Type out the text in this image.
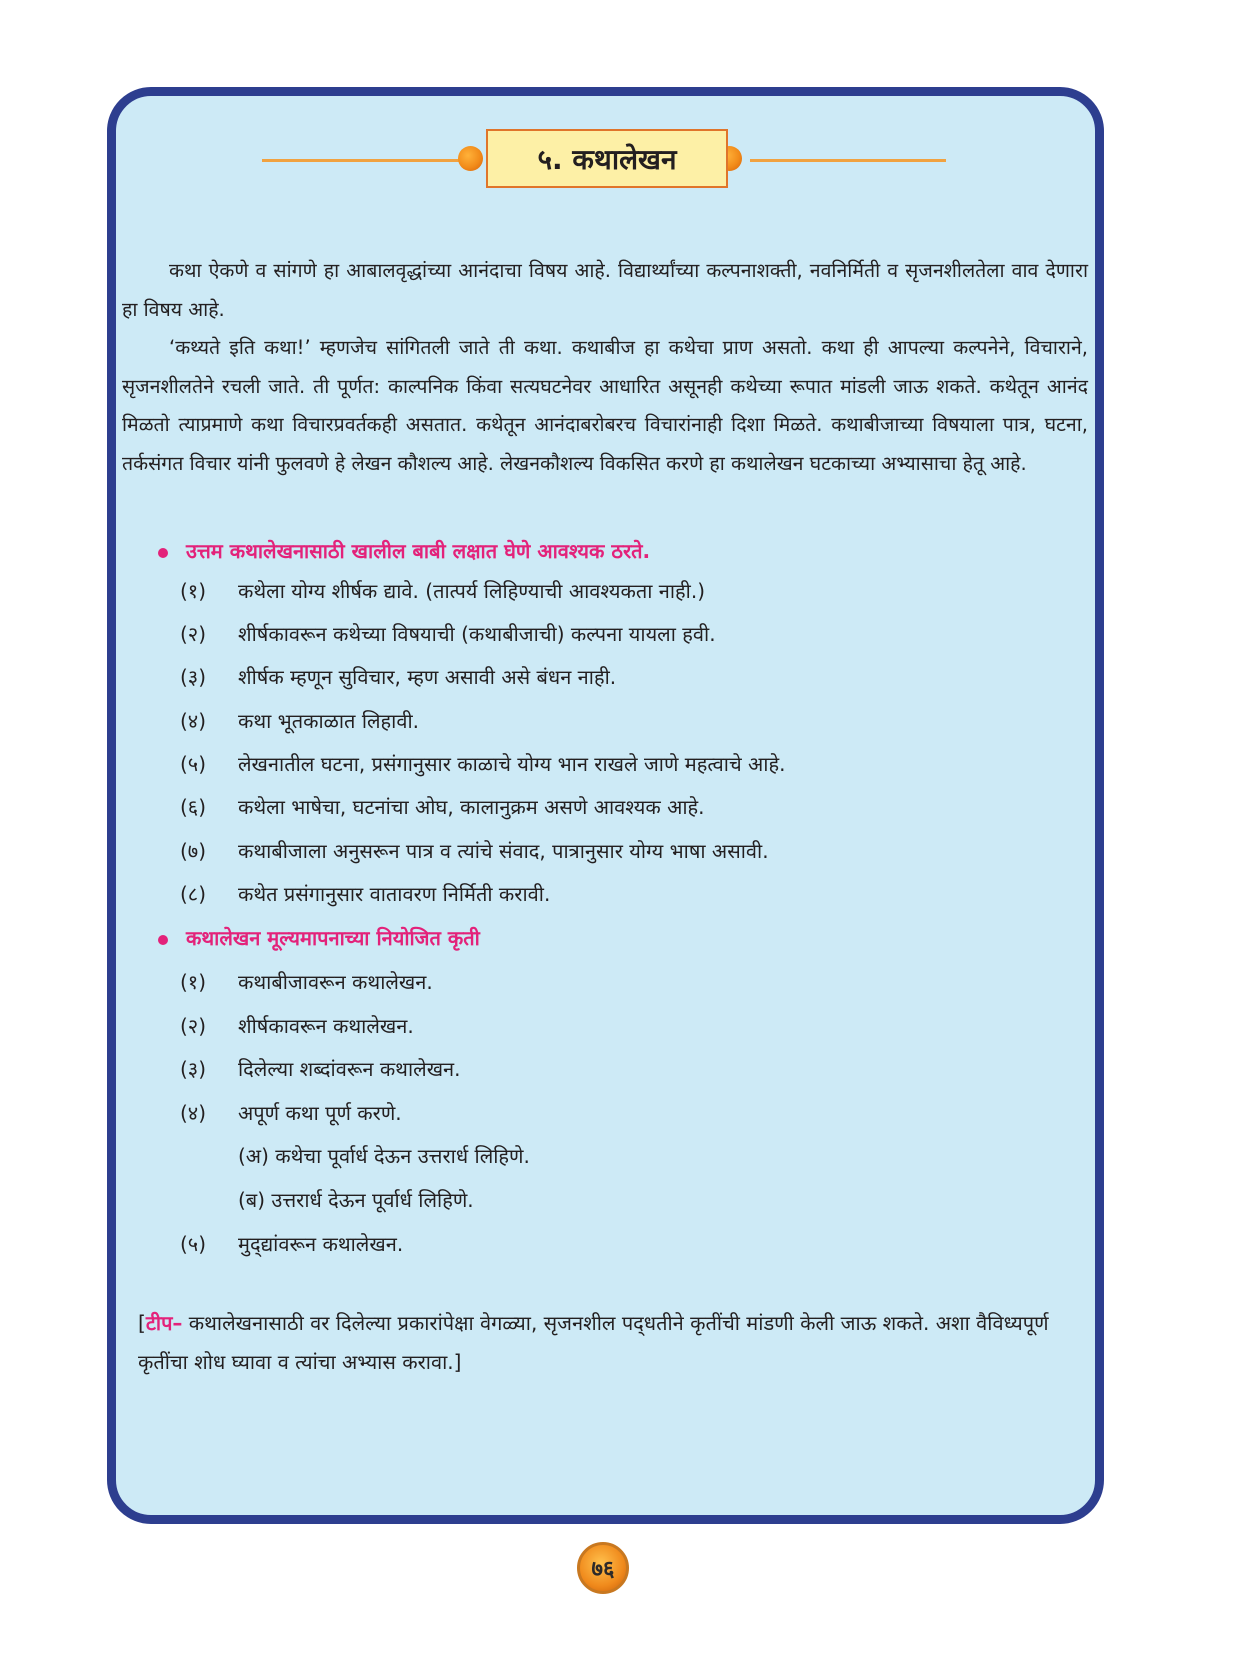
५. कथालेखन

कथा ऐकणे व सांगणे हा आबालवृद्धांच्या आनंदाचा विषय आहे. विद्यार्थ्यांच्या कल्पनाशक्ती, नवनिर्मिती व सृजनशीलतेला वाव देणारा हा विषय आहे.

‘कथ्यते इति कथा!’ म्हणजेच सांगितली जाते ती कथा. कथाबीज हा कथेचा प्राण असतो. कथा ही आपल्या कल्पनेने, विचाराने, सृजनशीलतेने रचली जाते. ती पूर्णत: काल्पनिक किंवा सत्यघटनेवर आधारित असूनही कथेच्या रूपात मांडली जाऊ शकते. कथेतून आनंद मिळतो त्याप्रमाणे कथा विचारप्रवर्तकही असतात. कथेतून आनंदाबरोबरच विचारांनाही दिशा मिळते. कथाबीजाच्या विषयाला पात्र, घटना, तर्कसंगत विचार यांनी फुलवणे हे लेखन कौशल्य आहे. लेखनकौशल्य विकसित करणे हा कथालेखन घटकाच्या अभ्यासाचा हेतू आहे.

उत्तम कथालेखनासाठी खालील बाबी लक्षात घेणे आवश्यक ठरते.
(१) कथेला योग्य शीर्षक द्यावे. (तात्पर्य लिहिण्याची आवश्यकता नाही.)
(२) शीर्षकावरून कथेच्या विषयाची (कथाबीजाची) कल्पना यायला हवी.
(३) शीर्षक म्हणून सुविचार, म्हण असावी असे बंधन नाही.
(४) कथा भूतकाळात लिहावी.
(५) लेखनातील घटना, प्रसंगानुसार काळाचे योग्य भान राखले जाणे महत्वाचे आहे.
(६) कथेला भाषेचा, घटनांचा ओघ, कालानुक्रम असणे आवश्यक आहे.
(७) कथाबीजाला अनुसरून पात्र व त्यांचे संवाद, पात्रानुसार योग्य भाषा असावी.
(८) कथेत प्रसंगानुसार वातावरण निर्मिती करावी.
कथालेखन मूल्यमापनाच्या नियोजित कृती
(१) कथाबीजावरून कथालेखन.
(२) शीर्षकावरून कथालेखन.
(३) दिलेल्या शब्दांवरून कथालेखन.
(४) अपूर्ण कथा पूर्ण करणे.
(अ) कथेचा पूर्वार्ध देऊन उत्तरार्ध लिहिणे.
(ब) उत्तरार्ध देऊन पूर्वार्ध लिहिणे.
(५) मुद्‌द्यांवरून कथालेखन.

[टीप– कथालेखनासाठी वर दिलेल्या प्रकारांपेक्षा वेगळ्या, सृजनशील पद्‌धतीने कृतींची मांडणी केली जाऊ शकते. अशा वैविध्यपूर्ण कृतींचा शोध घ्यावा व त्यांचा अभ्यास करावा.]

७६
